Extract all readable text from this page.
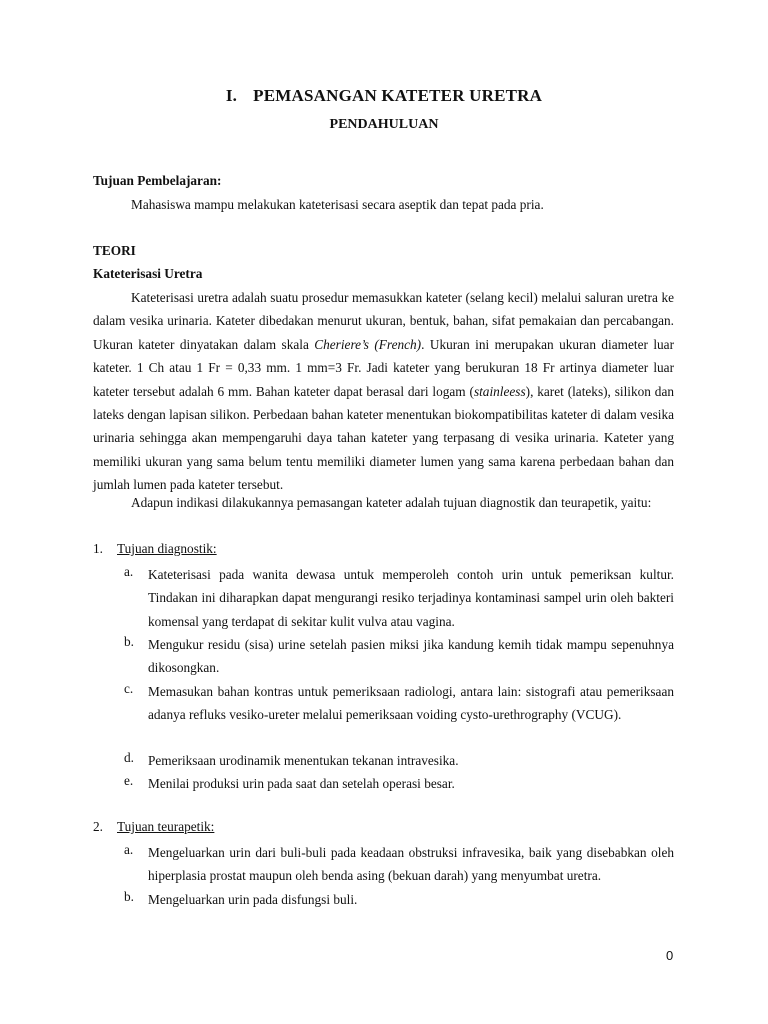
I. PEMASANGAN KATETER URETRA
PENDAHULUAN
Tujuan Pembelajaran:
Mahasiswa mampu melakukan kateterisasi secara aseptik dan tepat pada pria.
TEORI
Kateterisasi Uretra

Kateterisasi uretra adalah suatu prosedur memasukkan kateter (selang kecil) melalui saluran uretra ke dalam vesika urinaria. Kateter dibedakan menurut ukuran, bentuk, bahan, sifat pemakaian dan percabangan. Ukuran kateter dinyatakan dalam skala Cheriere’s (French). Ukuran ini merupakan ukuran diameter luar kateter. 1 Ch atau 1 Fr = 0,33 mm. 1 mm=3 Fr. Jadi kateter yang berukuran 18 Fr artinya diameter luar kateter tersebut adalah 6 mm. Bahan kateter dapat berasal dari logam (stainleess), karet (lateks), silikon dan lateks dengan lapisan silikon. Perbedaan bahan kateter menentukan biokompatibilitas kateter di dalam vesika urinaria sehingga akan mempengaruhi daya tahan kateter yang terpasang di vesika urinaria. Kateter yang memiliki ukuran yang sama belum tentu memiliki diameter lumen yang sama karena perbedaan bahan dan jumlah lumen pada kateter tersebut.

Adapun indikasi dilakukannya pemasangan kateter adalah tujuan diagnostik dan teurapetik, yaitu:

1. Tujuan diagnostik:
a. Kateterisasi pada wanita dewasa untuk memperoleh contoh urin untuk pemeriksan kultur. Tindakan ini diharapkan dapat mengurangi resiko terjadinya kontaminasi sampel urin oleh bakteri komensal yang terdapat di sekitar kulit vulva atau vagina.

b. Mengukur residu (sisa) urine setelah pasien miksi jika kandung kemih tidak mampu sepenuhnya dikosongkan.

c. Memasukan bahan kontras untuk pemeriksaan radiologi, antara lain: sistografi atau pemeriksaan adanya refluks vesiko-ureter melalui pemeriksaan voiding cysto-urethrography (VCUG).

d. Pemeriksaan urodinamik menentukan tekanan intravesika.

e. Menilai produksi urin pada saat dan setelah operasi besar.

2. Tujuan teurapetik:
a. Mengeluarkan urin dari buli-buli pada keadaan obstruksi infravesika, baik yang disebabkan oleh hiperplasia prostat maupun oleh benda asing (bekuan darah) yang menyumbat uretra.

b. Mengeluarkan urin pada disfungsi buli.

0
